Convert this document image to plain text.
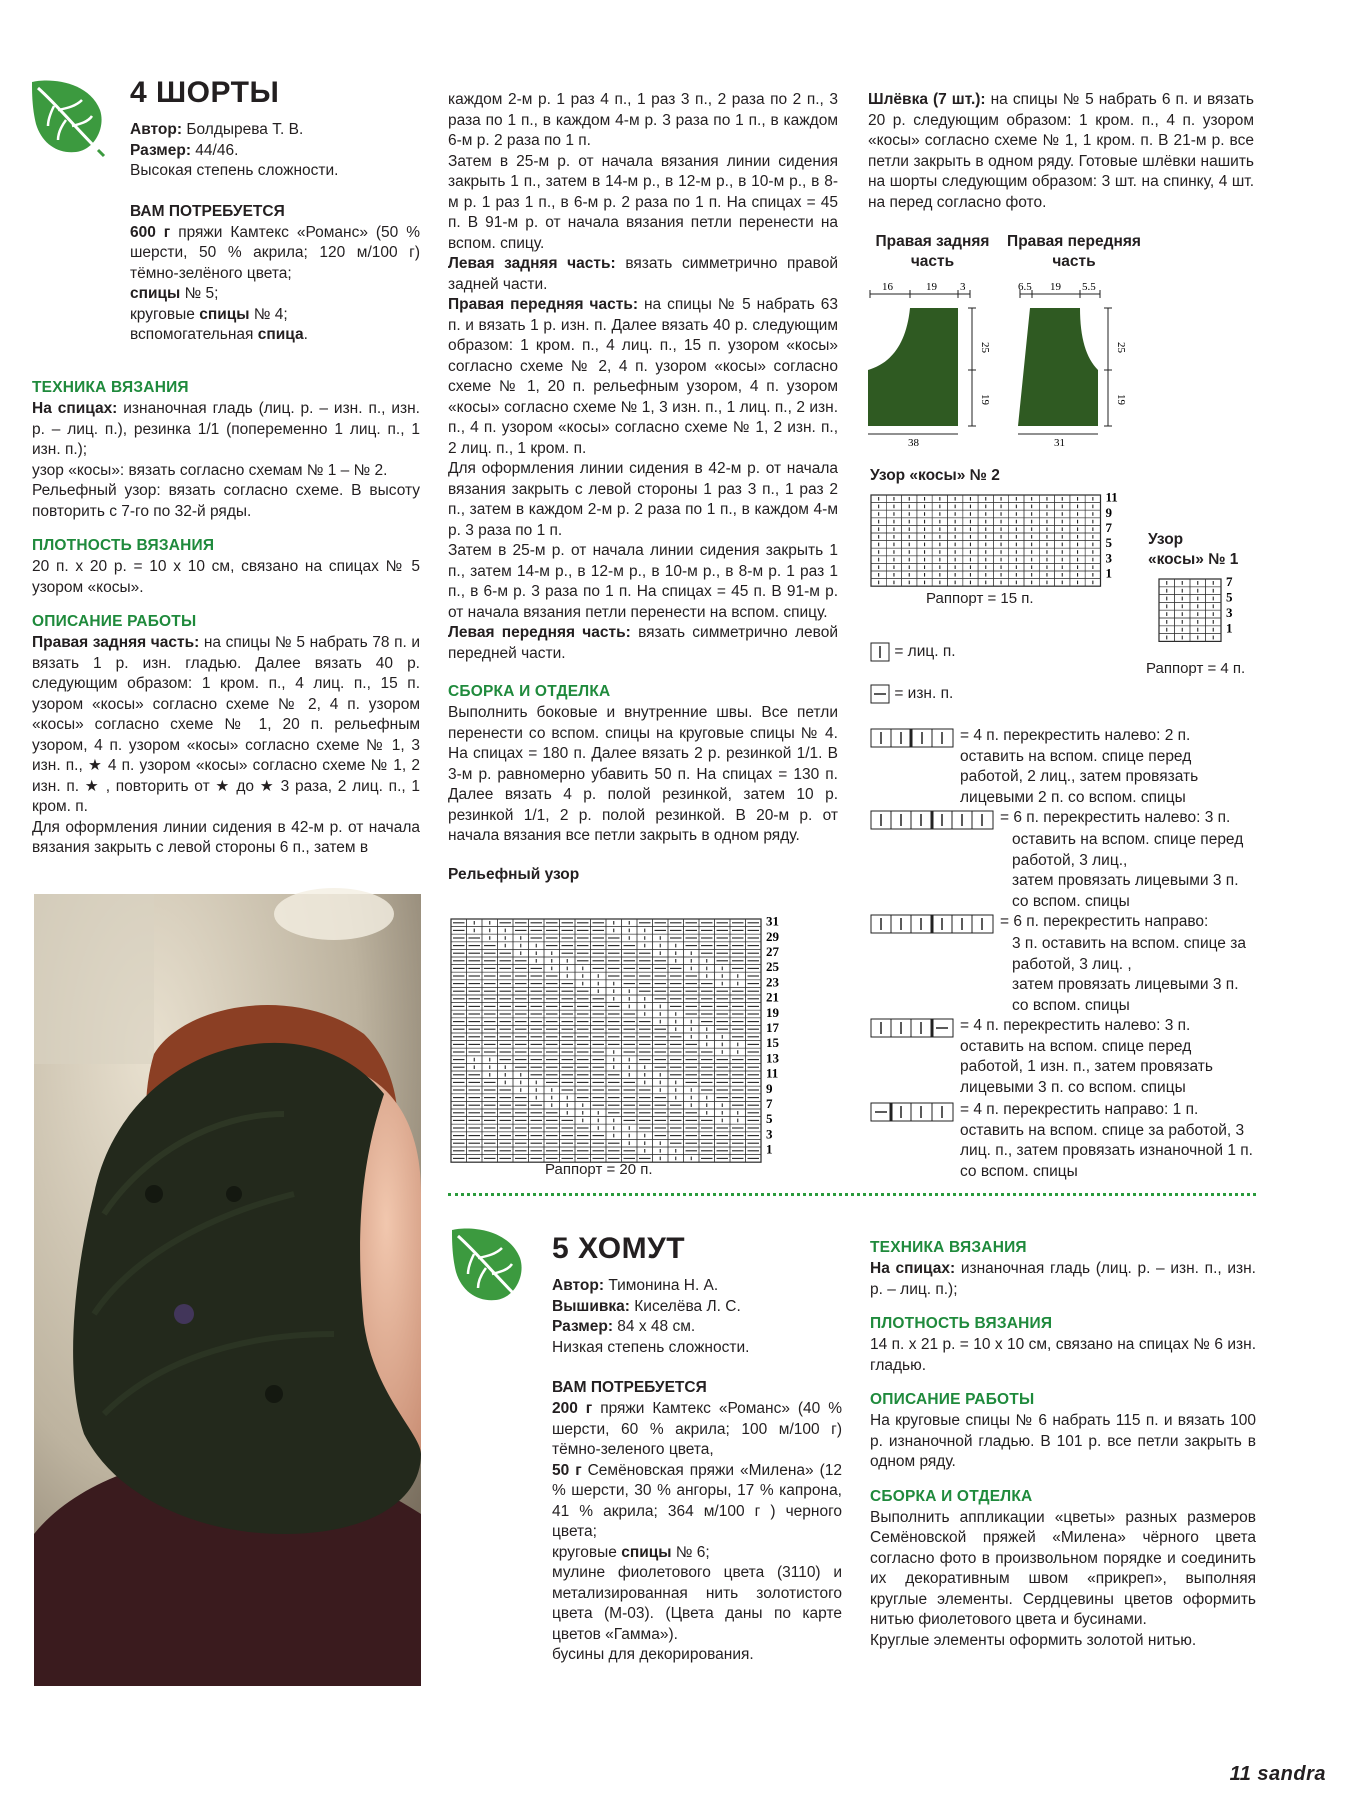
4 ШОРТЫ
Автор: Болдырева Т. В.
Размер: 44/46.
Высокая степень сложности.
ВАМ ПОТРЕБУЕТСЯ

600 г пряжи Камтекс «Романс» (50 % шерсти, 50 % акрила; 120 м/100 г) тёмно-зелёного цвета;

спицы № 5;

круговые спицы № 4;

вспомогательная спица.

ТЕХНИКА ВЯЗАНИЯ

На спицах: изнаночная гладь (лиц. р. – изн. п., изн. р. – лиц. п.), резинка 1/1 (попеременно 1 лиц. п., 1 изн. п.);

узор «косы»: вязать согласно схемам № 1 – № 2.

Рельефный узор: вязать согласно схеме. В высоту повторить с 7-го по 32-й ряды.

ПЛОТНОСТЬ ВЯЗАНИЯ

20 п. х 20 р. = 10 х 10 см, связано на спицах № 5 узором «косы».

ОПИСАНИЕ РАБОТЫ

Правая задняя часть: на спицы № 5 набрать 78 п. и вязать 1 р. изн. гладью. Далее вязать 40 р. следующим образом: 1 кром. п., 4 лиц. п., 15 п. узором «косы» согласно схеме № 2, 4 п. узором «косы» согласно схеме № 1, 20 п. рельефным узором, 4 п. узором «косы» согласно схеме № 1, 3 изн. п., ★ 4 п. узором «косы» согласно схеме № 1, 2 изн. п. ★ , повторить от ★ до ★ 3 раза, 2 лиц. п., 1 кром. п.

Для оформления линии сидения в 42-м р. от начала вязания закрыть с левой стороны 6 п., затем в

каждом 2-м р. 1 раз 4 п., 1 раз 3 п., 2 раза по 2 п., 3 раза по 1 п., в каждом 4-м р. 3 раза по 1 п., в каждом 6-м р. 2 раза по 1 п.

Затем в 25-м р. от начала вязания линии сидения закрыть 1 п., затем в 14-м р., в 12-м р., в 10-м р., в 8-м р. 1 раз 1 п., в 6-м р. 2 раза по 1 п. На спицах = 45 п. В 91-м р. от начала вязания петли перенести на вспом. спицу.

Левая задняя часть: вязать симметрично правой задней части.

Правая передняя часть: на спицы № 5 набрать 63 п. и вязать 1 р. изн. п. Далее вязать 40 р. следующим образом: 1 кром. п., 4 лиц. п., 15 п. узором «косы» согласно схеме № 2, 4 п. узором «косы» согласно схеме № 1, 20 п. рельефным узором, 4 п. узором «косы» согласно схеме № 1, 3 изн. п., 1 лиц. п., 2 изн. п., 4 п. узором «косы» согласно схеме № 1, 2 изн. п., 2 лиц. п., 1 кром. п.

Для оформления линии сидения в 42-м р. от начала вязания закрыть с левой стороны 1 раз 3 п., 1 раз 2 п., затем в каждом 2-м р. 2 раза по 1 п., в каждом 4-м р. 3 раза по 1 п.

Затем в 25-м р. от начала линии сидения закрыть 1 п., затем 14-м р., в 12-м р., в 10-м р., в 8-м р. 1 раз 1 п., в 6-м р. 3 раза по 1 п. На спицах = 45 п. В 91-м р. от начала вязания петли перенести на вспом. спицу.

Левая передняя часть: вязать симметрично левой передней части.

СБОРКА И ОТДЕЛКА

Выполнить боковые и внутренние швы. Все петли перенести со вспом. спицы на круговые спицы № 4. На спицах = 180 п. Далее вязать 2 р. резинкой 1/1. В 3-м р. равномерно убавить 50 п. На спицах = 130 п. Далее вязать 4 р. полой резинкой, затем 10 р. резинкой 1/1, 2 р. полой резинкой. В 20-м р. от начала вязания все петли закрыть в одном ряду.

Рельефный узор
31
29
27
25
23
21
19
17
15
13
11
9
7
5
3
1
Раппорт = 20 п.

Шлёвка (7 шт.): на спицы № 5 набрать 6 п. и вязать 20 р. следующим образом: 1 кром. п., 4 п. узором «косы» согласно схеме № 1, 1 кром. п. В 21-м р. все петли закрыть в одном ряду. Готовые шлёвки нашить на шорты следующим образом: 3 шт. на спинку, 4 шт. на перед согласно фото.

Правая задняя часть
Правая передняя часть
16	19 3
25
19
38
6.5 19 5.5
25
19
31
Узор «косы» № 2
11
9
7
5
3
1
Раппорт = 15 п.
Узор
«косы» № 1
7
5
3
1
Раппорт = 4 п.
= лиц. п.
= изн. п.
= 4 п. перекрестить налево: 2 п. оставить на вспом. спице перед работой, 2 лиц., затем провязать лицевыми 2 п. со вспом. спицы
= 6 п. перекрестить налево: 3 п.
оставить на вспом. спице перед работой, 3 лиц.,
затем провязать лицевыми 3 п. со вспом. спицы
= 6 п. перекрестить направо:
3 п. оставить на вспом. спице за работой, 3 лиц. ,
затем провязать лицевыми 3 п. со вспом. спицы
= 4 п. перекрестить налево: 3 п. оставить на вспом. спице перед работой, 1 изн. п., затем провязать лицевыми 3 п. со вспом. спицы
= 4 п. перекрестить направо: 1 п. оставить на вспом. спице за работой, 3 лиц. п., затем провязать изнаночной 1 п. со вспом. спицы
5 ХОМУТ
Автор: Тимонина Н. А.
Вышивка: Киселёва Л. С.
Размер: 84 х 48 см.
Низкая степень сложности.
ВАМ ПОТРЕБУЕТСЯ

200 г пряжи Камтекс «Романс» (40 % шерсти, 60 % акрила; 100 м/100 г) тёмно-зеленого цвета,

50 г Семёновская пряжи «Милена» (12 % шерсти, 30 % ангоры, 17 % капрона, 41 % акрила; 364 м/100 г ) черного цвета;

круговые спицы № 6;

мулине фиолетового цвета (3110) и метализированная нить золотистого цвета (М-03). (Цвета даны по карте цветов «Гамма»).

бусины для декорирования.

ТЕХНИКА ВЯЗАНИЯ

На спицах: изнаночная гладь (лиц. р. – изн. п., изн. р. – лиц. п.);

ПЛОТНОСТЬ ВЯЗАНИЯ

14 п. х 21 р. = 10 х 10 см, связано на спицах № 6 изн. гладью.

ОПИСАНИЕ РАБОТЫ

На круговые спицы № 6 набрать 115 п. и вязать 100 р. изнаночной гладью. В 101 р. все петли закрыть в одном ряду.

СБОРКА И ОТДЕЛКА

Выполнить аппликации «цветы» разных размеров Семёновской пряжей «Милена» чёрного цвета согласно фото в произвольном порядке и соединить их декоративным швом «прикреп», выполняя круглые элементы. Сердцевины цветов оформить нитью фиолетового цвета и бусинами.

Круглые элементы оформить золотой нитью.

11 sandra
